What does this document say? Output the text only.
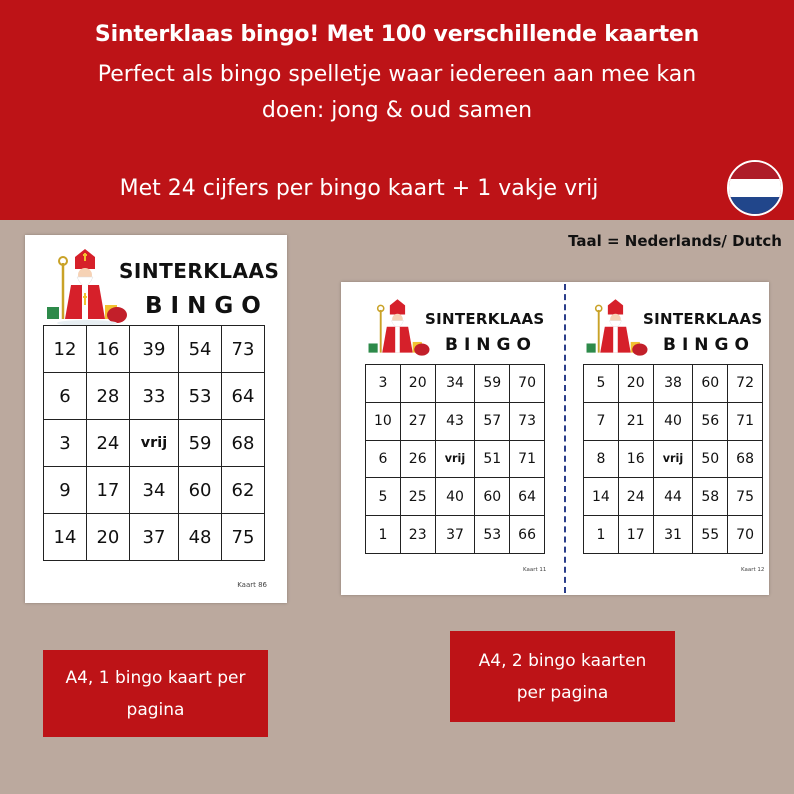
Sinterklaas bingo! Met 100 verschillende kaarten
Perfect als bingo spelletje waar iedereen aan mee kan
doen: jong & oud samen
Met 24 cijfers per bingo kaart + 1 vakje vrij
Taal = Nederlands/ Dutch
SINTERKLAAS
BINGO
12	16	39	54	73
6	28	33	53	64
3	24	vrij	59	68
9	17	34	60	62
14	20	37	48	75
Kaart 86
SINTERKLAAS
BINGO
3	20	34	59	70
10	27	43	57	73
6	26	vrij	51	71
5	25	40	60	64
1	23	37	53	66
Kaart 11
SINTERKLAAS
BINGO
5	20	38	60	72
7	21	40	56	71
8	16	vrij	50	68
14	24	44	58	75
1	17	31	55	70
Kaart 12
A4, 1 bingo kaart per pagina
A4, 2 bingo kaarten per pagina
